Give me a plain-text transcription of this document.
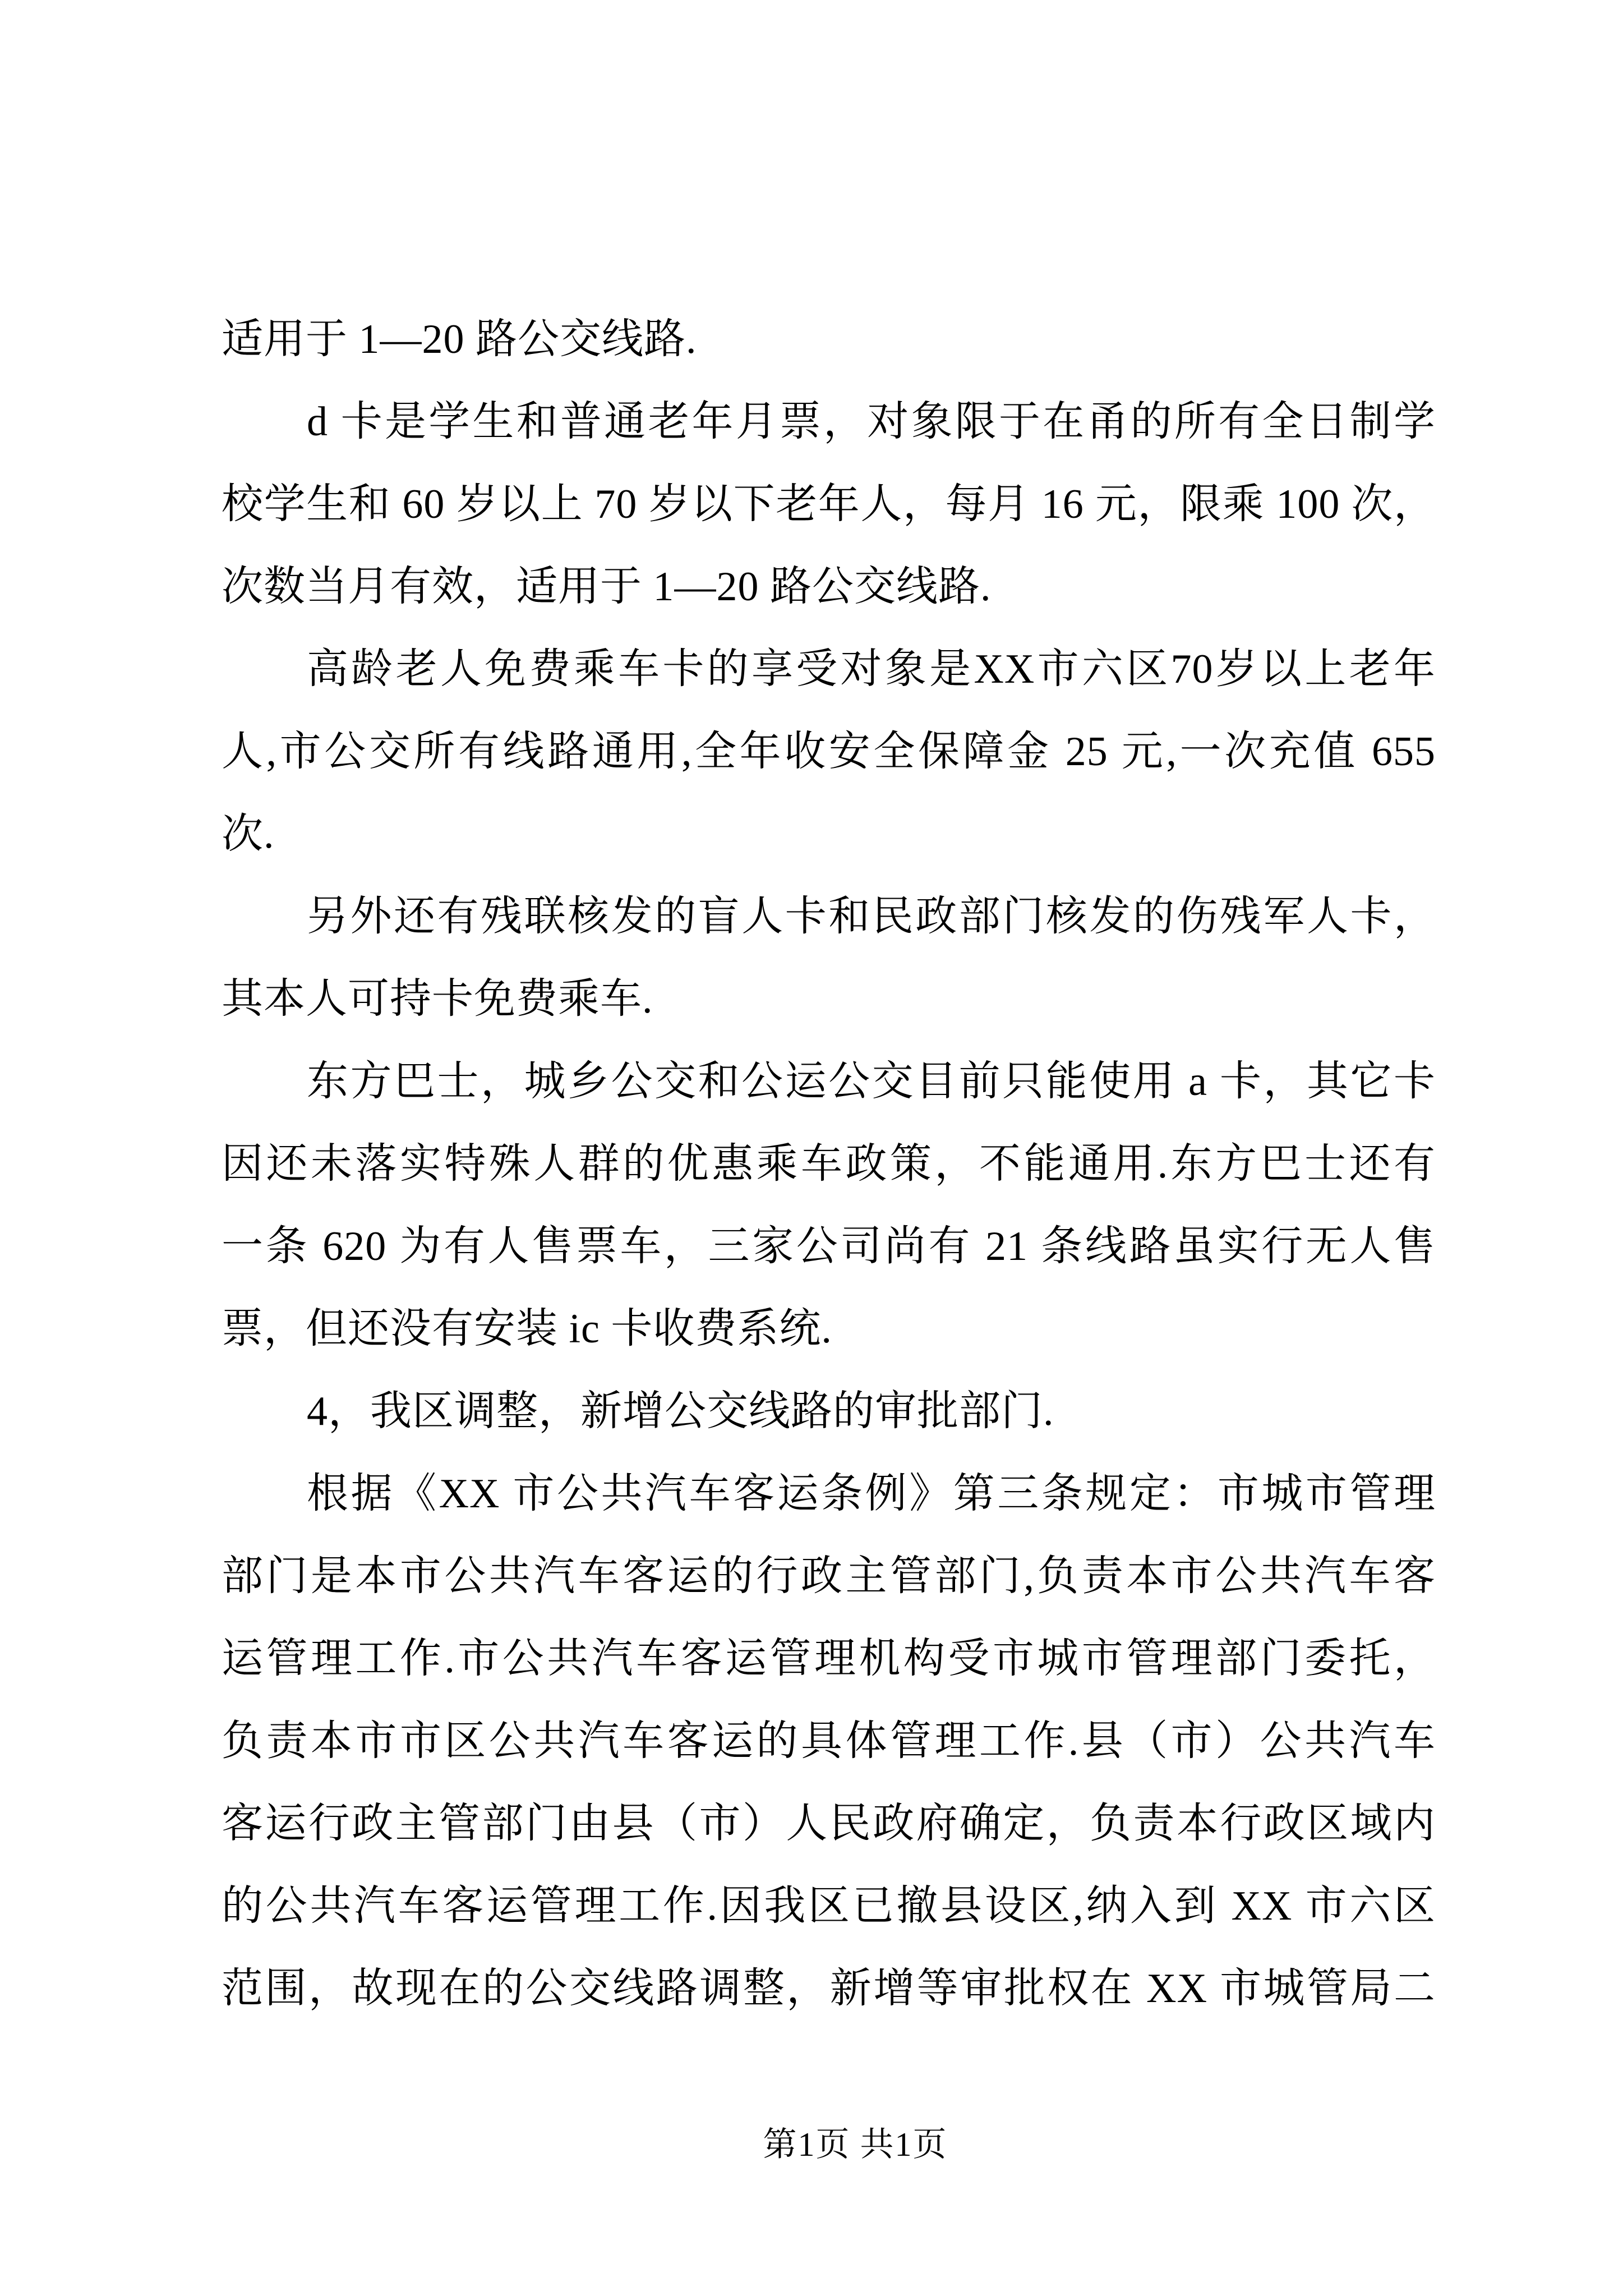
适用于 1—20 路公交线路.
d 卡是学生和普通老年月票，对象限于在甬的所有全日制学
校学生和 60 岁以上 70 岁以下老年人，每月 16 元，限乘 100 次，
次数当月有效，适用于 1—20 路公交线路.
高龄老人免费乘车卡的享受对象是XX市六区70岁以上老年
人,市公交所有线路通用,全年收安全保障金 25 元,一次充值 655
次.
另外还有残联核发的盲人卡和民政部门核发的伤残军人卡，
其本人可持卡免费乘车.
东方巴士，城乡公交和公运公交目前只能使用 a 卡，其它卡
因还未落实特殊人群的优惠乘车政策，不能通用.东方巴士还有
一条 620 为有人售票车，三家公司尚有 21 条线路虽实行无人售
票，但还没有安装 ic 卡收费系统.
4，我区调整，新增公交线路的审批部门.
根据《XX 市公共汽车客运条例》第三条规定：市城市管理
部门是本市公共汽车客运的行政主管部门,负责本市公共汽车客
运管理工作.市公共汽车客运管理机构受市城市管理部门委托，
负责本市市区公共汽车客运的具体管理工作.县（市）公共汽车
客运行政主管部门由县（市）人民政府确定，负责本行政区域内
的公共汽车客运管理工作.因我区已撤县设区,纳入到 XX 市六区
范围，故现在的公交线路调整，新增等审批权在 XX 市城管局二
第1页 共1页
